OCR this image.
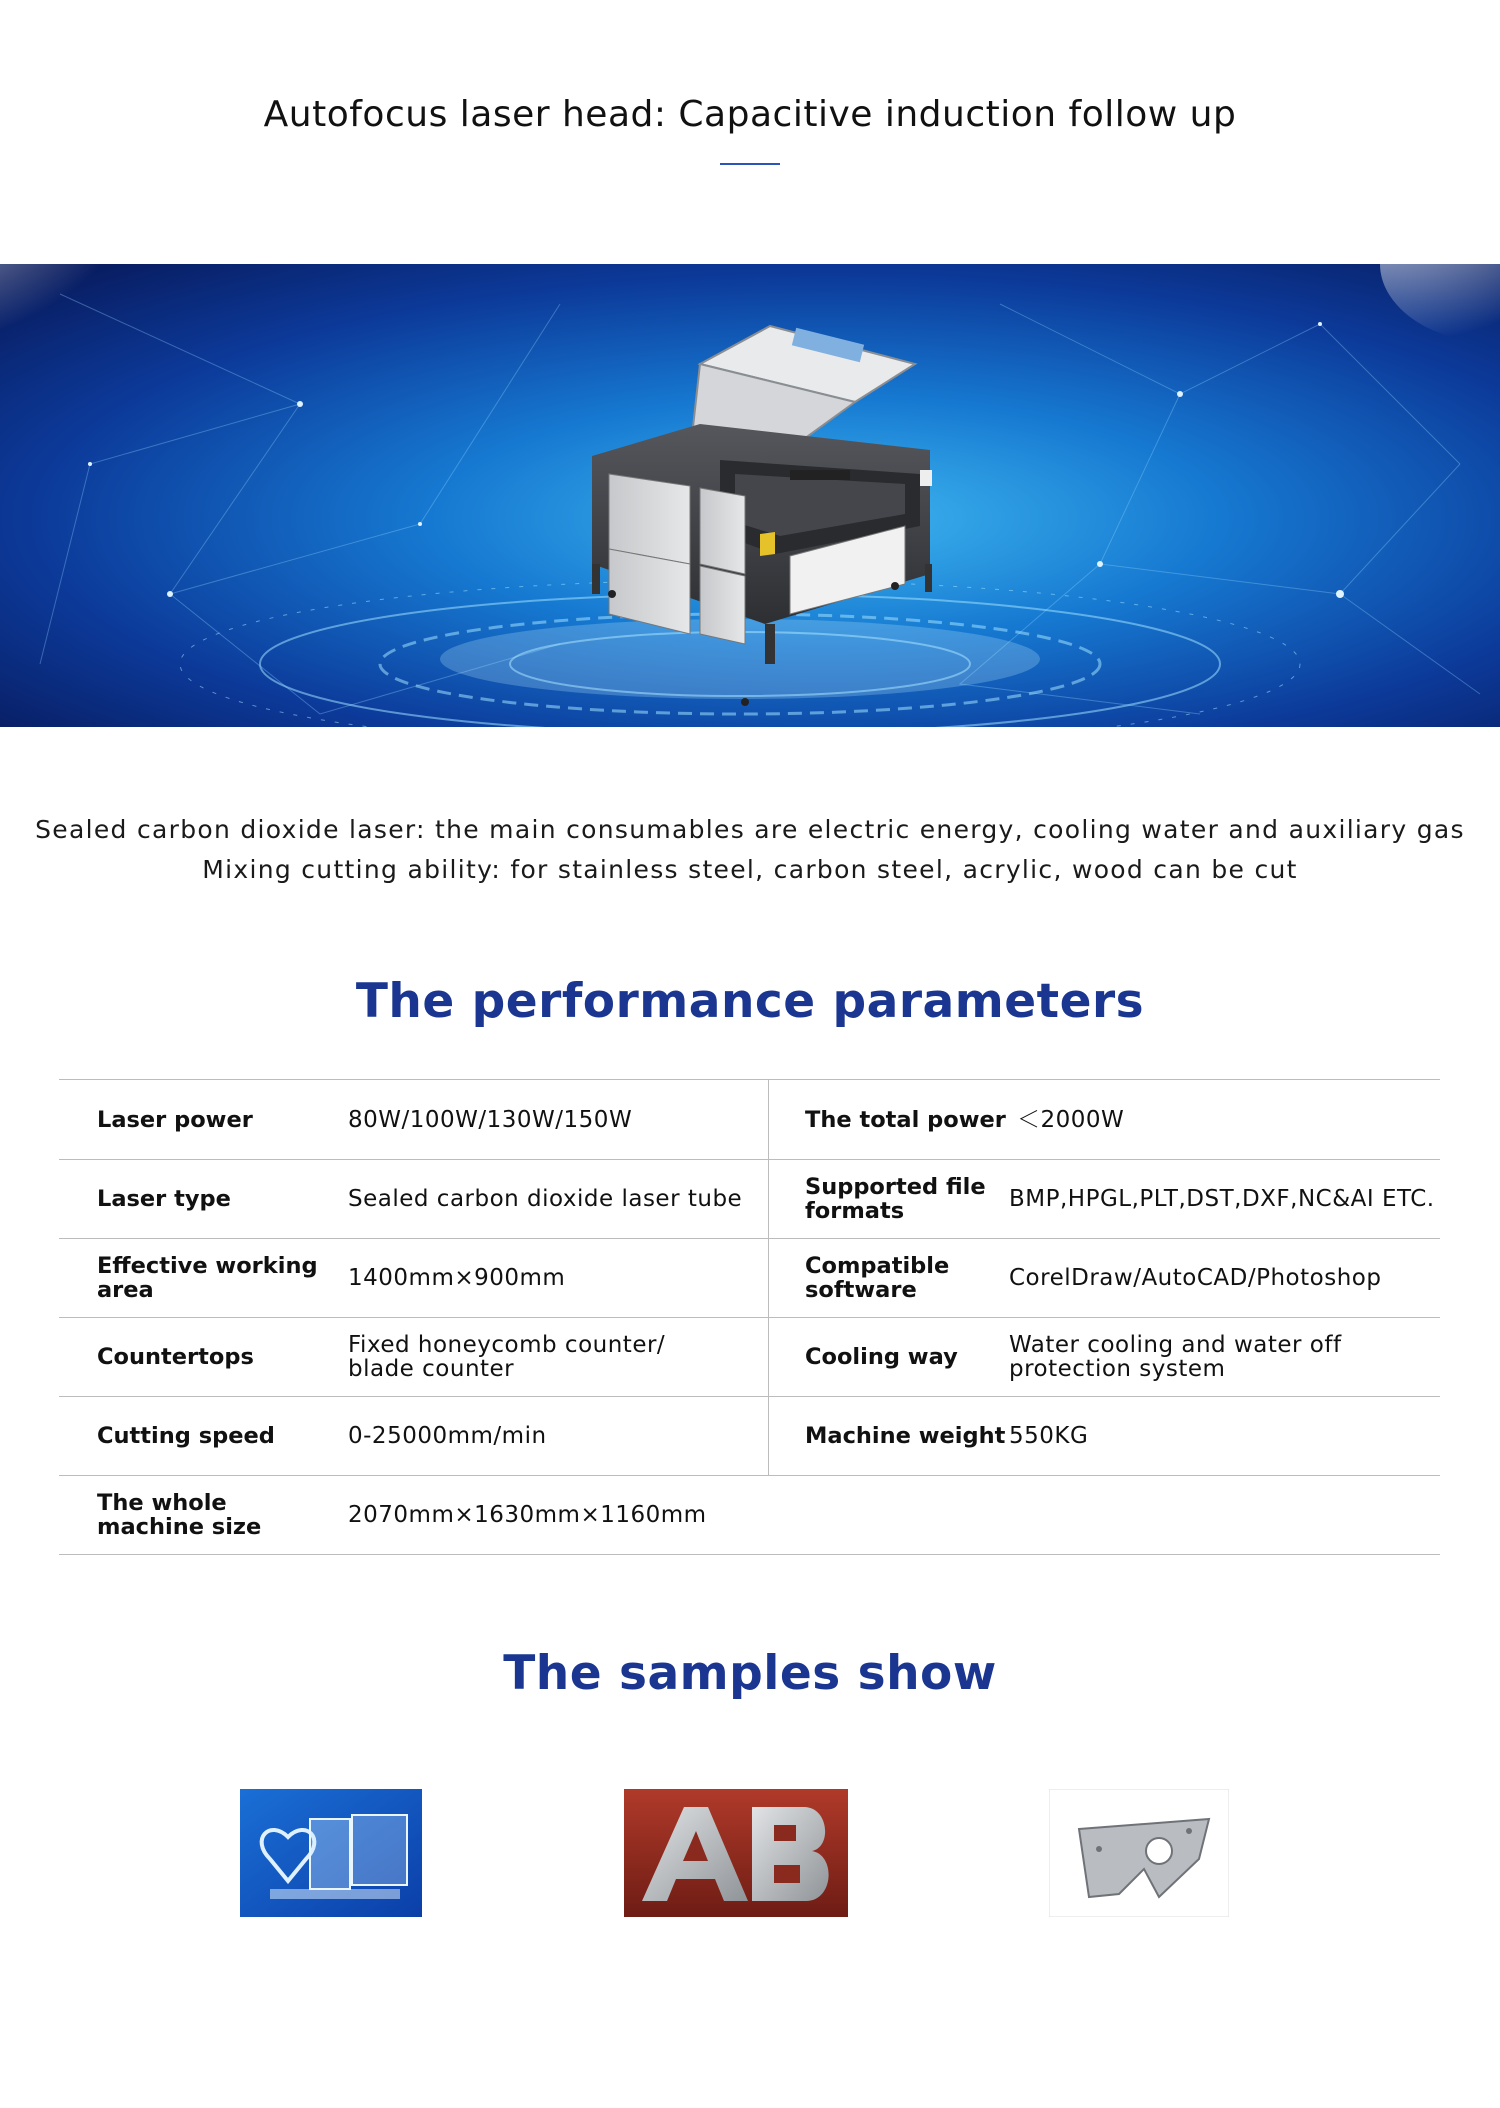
Autofocus laser head: Capacitive induction follow up

Sealed carbon dioxide laser: the main consumables are electric energy, cooling water and auxiliary gas

Mixing cutting ability: for stainless steel, carbon steel, acrylic, wood can be cut

The performance parameters
Laser power	80W/100W/130W/150W	The total power ＜2000W
Laser type	Sealed carbon dioxide laser tube	Supported file formats	BMP,HPGL,PLT,DST,DXF,NC&AI ETC.
Effective working area	1400mm×900mm	Compatible software	CorelDraw/AutoCAD/Photoshop
Countertops	Fixed honeycomb counter/ blade counter	Cooling way	Water cooling and water off protection system
Cutting speed	0-25000mm/min	Machine weight 550KG
The whole machine size	2070mm×1630mm×1160mm
The samples show
